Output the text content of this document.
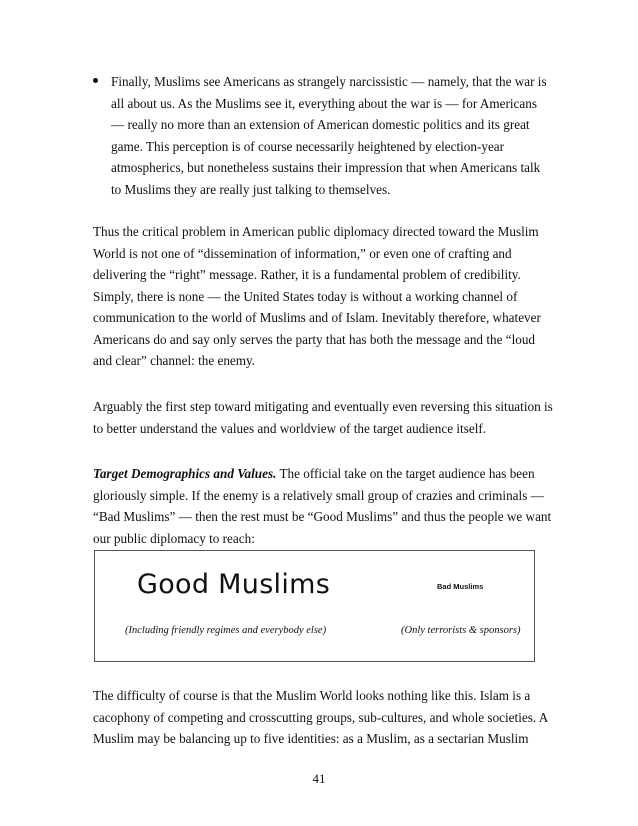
Finally, Muslims see Americans as strangely narcissistic — namely, that the war is all about us. As the Muslims see it, everything about the war is — for Americans — really no more than an extension of American domestic politics and its great game. This perception is of course necessarily heightened by election-year atmospherics, but nonetheless sustains their impression that when Americans talk to Muslims they are really just talking to themselves.

Thus the critical problem in American public diplomacy directed toward the Muslim World is not one of “dissemination of information,” or even one of crafting and delivering the “right” message. Rather, it is a fundamental problem of credibility. Simply, there is none — the United States today is without a working channel of communication to the world of Muslims and of Islam. Inevitably therefore, whatever Americans do and say only serves the party that has both the message and the “loud and clear” channel: the enemy.

Arguably the first step toward mitigating and eventually even reversing this situation is to better understand the values and worldview of the target audience itself.

Target Demographics and Values. The official take on the target audience has been gloriously simple. If the enemy is a relatively small group of crazies and criminals — “Bad Muslims” — then the rest must be “Good Muslims” and thus the people we want our public diplomacy to reach:

Good Muslims	Bad Muslims
(Including friendly regimes and everybody else)	(Only terrorists & sponsors)

The difficulty of course is that the Muslim World looks nothing like this. Islam is a cacophony of competing and crosscutting groups, sub-cultures, and whole societies. A Muslim may be balancing up to five identities: as a Muslim, as a sectarian Muslim

41
